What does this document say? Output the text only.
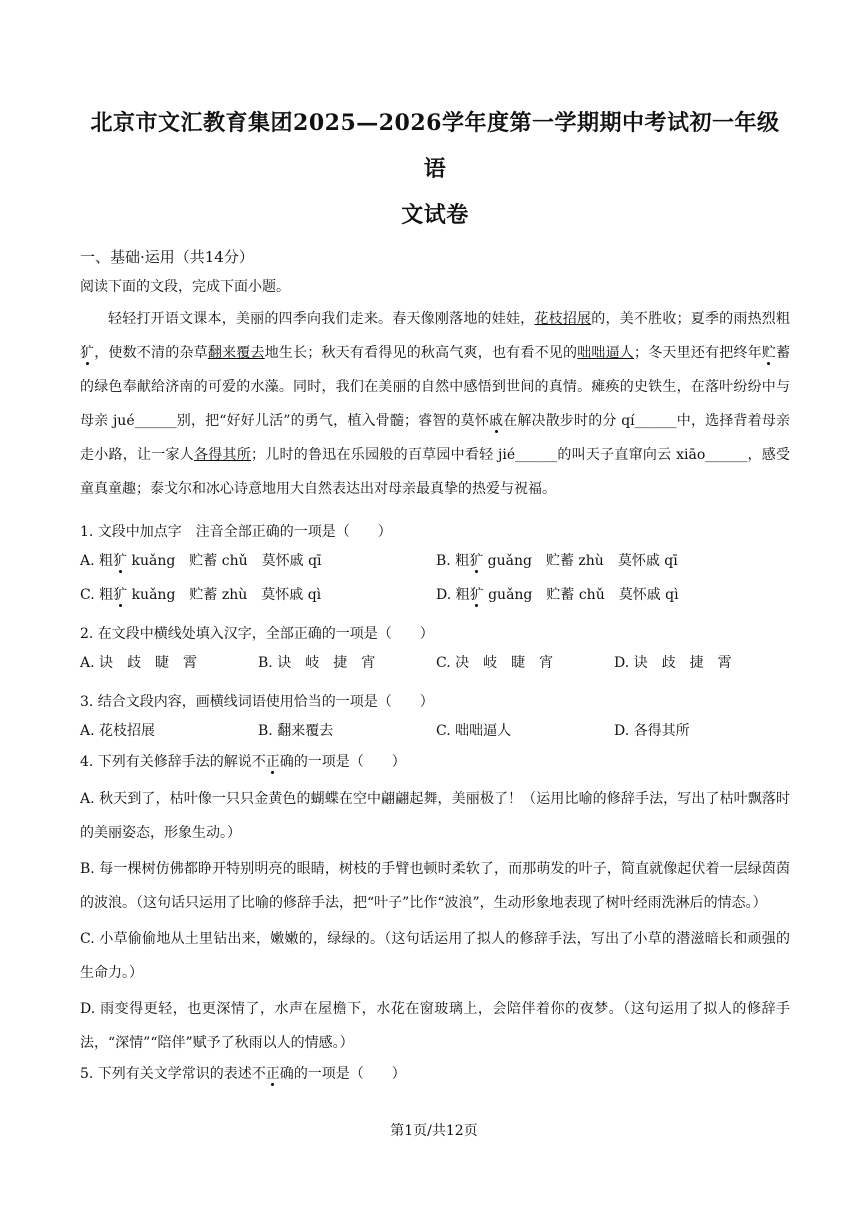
北京市文汇教育集团2025—2026学年度第一学期期中考试初一年级语
文试卷
一、基础·运用（共14分）
阅读下面的文段，完成下面小题。
轻轻打开语文课本，美丽的四季向我们走来。春天像刚落地的娃娃，花枝招展的，美不胜收；夏季的雨热烈粗犷，使数不清的杂草翻来覆去地生长；秋天有看得见的秋高气爽，也有看不见的咄咄逼人；冬天里还有把终年贮蓄的绿色奉献给济南的可爱的水藻。同时，我们在美丽的自然中感悟到世间的真情。瘫痪的史铁生，在落叶纷纷中与母亲 jué______别，把“好好儿活”的勇气，植入骨髓；睿智的莫怀戚在解决散步时的分 qí______中，选择背着母亲走小路，让一家人各得其所；儿时的鲁迅在乐园般的百草园中看轻 jié______的叫天子直窜向云 xiāo______，感受童真童趣；泰戈尔和冰心诗意地用大自然表达出对母亲最真挚的热爱与祝福。
1. 文段中加点字　注音全部正确的一项是（　　）
A. 粗犷 kuǎng　贮蓄 chǔ　莫怀戚 qī	B. 粗犷 guǎng　贮蓄 zhù　莫怀戚 qī
C. 粗犷 kuǎng　贮蓄 zhù　莫怀戚 qì	D. 粗犷 guǎng　贮蓄 chǔ　莫怀戚 qì
2. 在文段中横线处填入汉字，全部正确的一项是（　　）
A. 诀　歧　睫　霄	B. 诀　岐　捷　宵	C. 决　岐　睫　宵	D. 诀　歧　捷　霄
3. 结合文段内容，画横线词语使用恰当的一项是（　　）
A. 花枝招展	B. 翻来覆去	C. 咄咄逼人	D. 各得其所
4. 下列有关修辞手法的解说不正确的一项是（　　）
A. 秋天到了，枯叶像一只只金黄色的蝴蝶在空中翩翩起舞，美丽极了！（运用比喻的修辞手法，写出了枯叶飘落时的美丽姿态，形象生动。）
B. 每一棵树仿佛都睁开特别明亮的眼睛，树枝的手臂也顿时柔软了，而那萌发的叶子，简直就像起伏着一层绿茵茵的波浪。（这句话只运用了比喻的修辞手法，把“叶子”比作“波浪”，生动形象地表现了树叶经雨洗淋后的情态。）
C. 小草偷偷地从土里钻出来，嫩嫩的，绿绿的。（这句话运用了拟人的修辞手法，写出了小草的潜滋暗长和顽强的生命力。）
D. 雨变得更轻，也更深情了，水声在屋檐下，水花在窗玻璃上，会陪伴着你的夜梦。（这句运用了拟人的修辞手法，“深情”“陪伴”赋予了秋雨以人的情感。）
5. 下列有关文学常识的表述不正确的一项是（　　）
第1页/共12页
